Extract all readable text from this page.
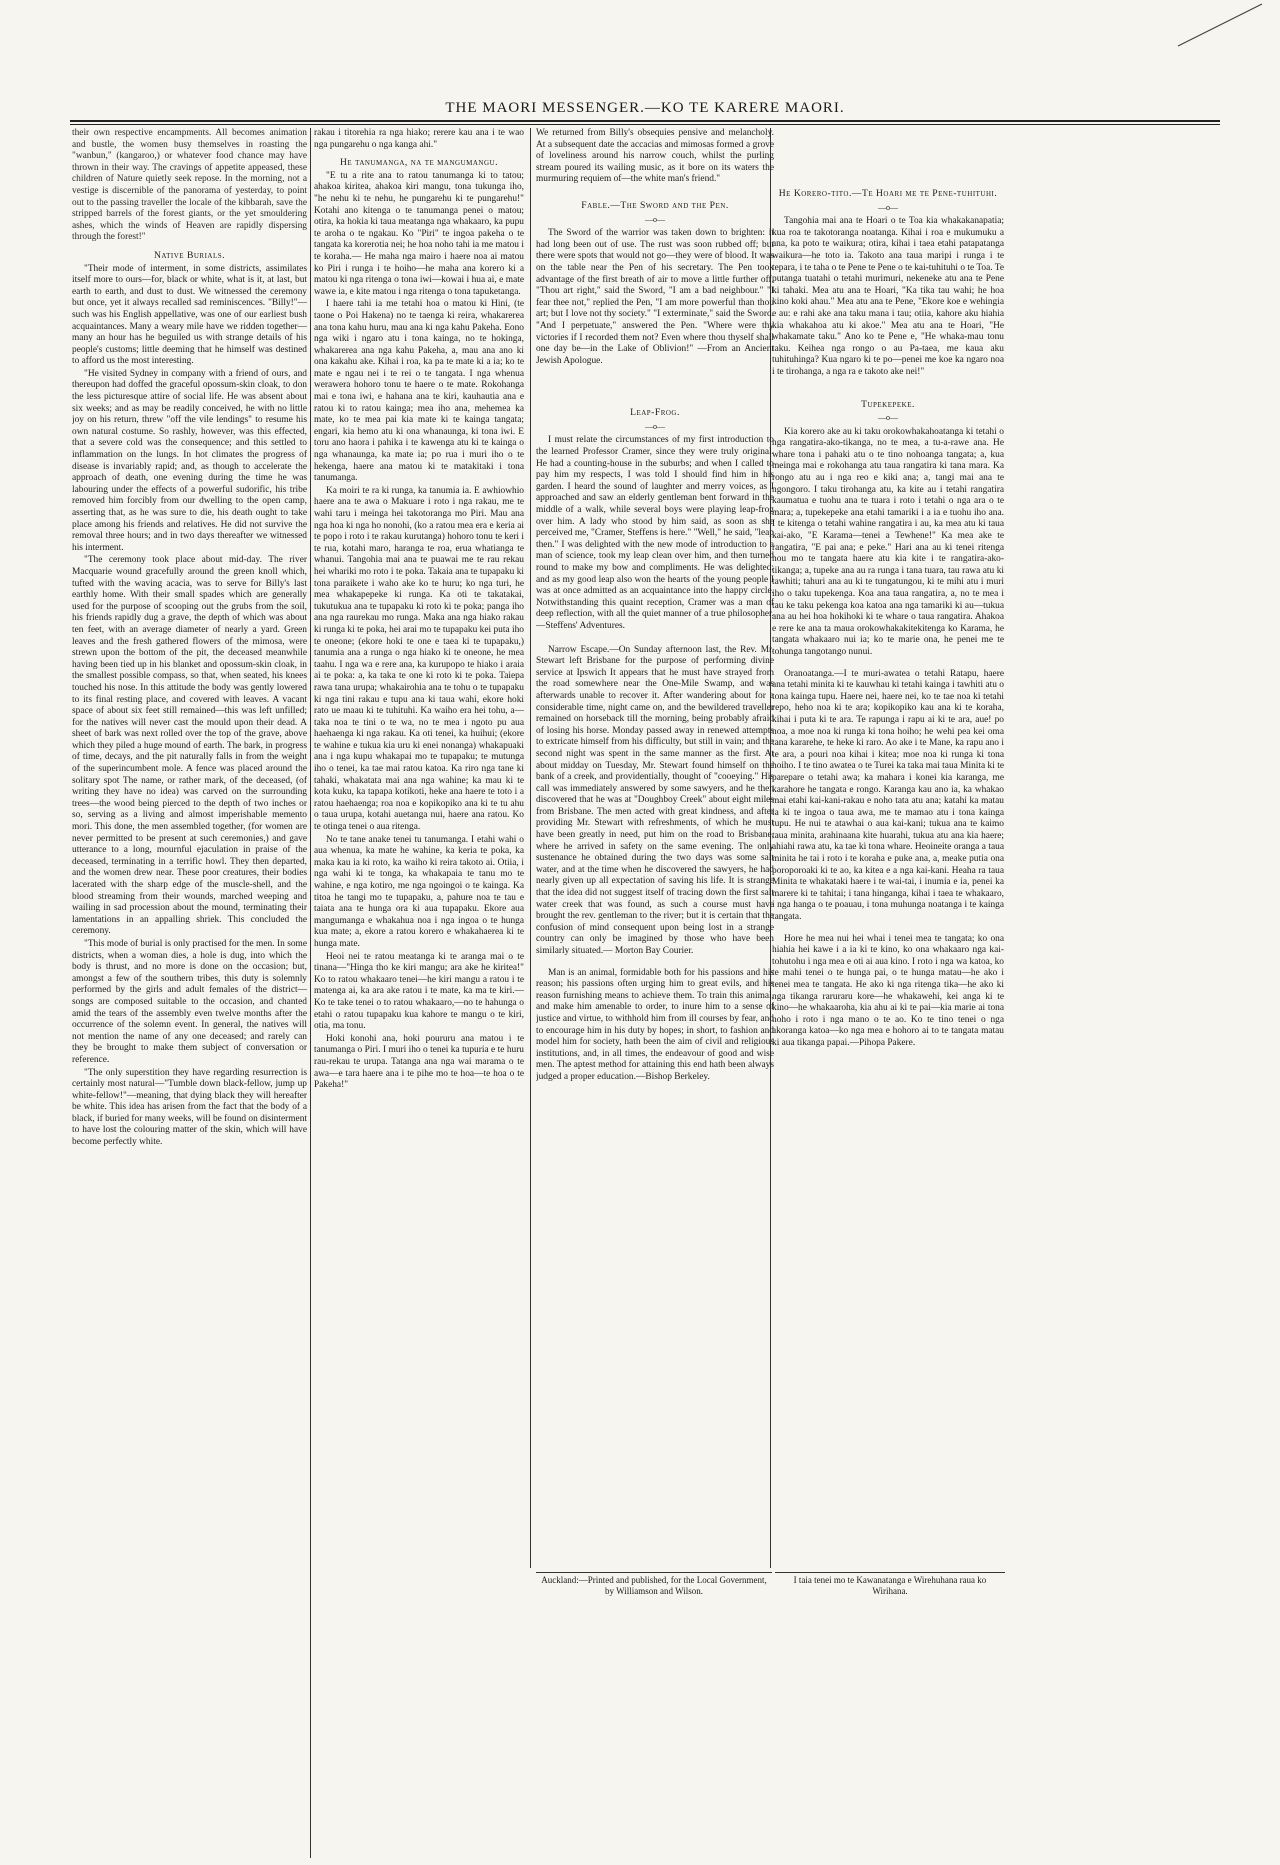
THE MAORI MESSENGER.—KO TE KARERE MAORI.

their own respective encampments. All becomes animation and bustle, the women busy themselves in roasting the "wanbun," (kangaroo,) or whatever food chance may have thrown in their way. The cravings of appetite appeased, these children of Nature quietly seek repose. In the morning, not a vestige is discernible of the panorama of yesterday, to point out to the passing traveller the locale of the kibbarah, save the stripped barrels of the forest giants, or the yet smouldering ashes, which the winds of Heaven are rapidly dispersing through the forest!"

Native Burials.

"Their mode of interment, in some districts, assimilates itself more to ours—for, black or white, what is it, at last, but earth to earth, and dust to dust. We witnessed the ceremony but once, yet it always recalled sad reminiscences. "Billy!"—such was his English appellative, was one of our earliest bush acquaintances. Many a weary mile have we ridden together—many an hour has he beguiled us with strange details of his people's customs; little deeming that he himself was destined to afford us the most interesting.

"He visited Sydney in company with a friend of ours, and thereupon had doffed the graceful opossum-skin cloak, to don the less picturesque attire of social life. He was absent about six weeks; and as may be readily conceived, he with no little joy on his return, threw "off the vile lendings" to resume his own natural costume. So rashly, however, was this effected, that a severe cold was the consequence; and this settled to inflammation on the lungs. In hot climates the progress of disease is invariably rapid; and, as though to accelerate the approach of death, one evening during the time he was labouring under the effects of a powerful sudorific, his tribe removed him forcibly from our dwelling to the open camp, asserting that, as he was sure to die, his death ought to take place among his friends and relatives. He did not survive the removal three hours; and in two days thereafter we witnessed his interment.

"The ceremony took place about mid-day. The river Macquarie wound gracefully around the green knoll which, tufted with the waving acacia, was to serve for Billy's last earthly home. With their small spades which are generally used for the purpose of scooping out the grubs from the soil, his friends rapidly dug a grave, the depth of which was about ten feet, with an average diameter of nearly a yard. Green leaves and the fresh gathered flowers of the mimosa, were strewn upon the bottom of the pit, the deceased meanwhile having been tied up in his blanket and opossum-skin cloak, in the smallest possible compass, so that, when seated, his knees touched his nose. In this attitude the body was gently lowered to its final resting place, and covered with leaves. A vacant space of about six feet still remained—this was left unfilled; for the natives will never cast the mould upon their dead. A sheet of bark was next rolled over the top of the grave, above which they piled a huge mound of earth. The bark, in progress of time, decays, and the pit naturally falls in from the weight of the superincumbent mole. A fence was placed around the solitary spot The name, or rather mark, of the deceased, (of writing they have no idea) was carved on the surrounding trees—the wood being pierced to the depth of two inches or so, serving as a living and almost imperishable memento mori. This done, the men assembled together, (for women are never permitted to be present at such ceremonies,) and gave utterance to a long, mournful ejaculation in praise of the deceased, terminating in a terrific howl. They then departed, and the women drew near. These poor creatures, their bodies lacerated with the sharp edge of the muscle-shell, and the blood streaming from their wounds, marched weeping and wailing in sad procession about the mound, terminating their lamentations in an appalling shriek. This concluded the ceremony.

"This mode of burial is only practised for the men. In some districts, when a woman dies, a hole is dug, into which the body is thrust, and no more is done on the occasion; but, amongst a few of the southern tribes, this duty is solemnly performed by the girls and adult females of the district—songs are composed suitable to the occasion, and chanted amid the tears of the assembly even twelve months after the occurrence of the solemn event. In general, the natives will not mention the name of any one deceased; and rarely can they be brought to make them subject of conversation or reference.

"The only superstition they have regarding resurrection is certainly most natural—"Tumble down black-fellow, jump up white-fellow!"—meaning, that dying black they will hereafter be white. This idea has arisen from the fact that the body of a black, if buried for many weeks, will be found on disinterment to have lost the colouring matter of the skin, which will have become perfectly white.

rakau i titorehia ra nga hiako; rerere kau ana i te wao nga pungarehu o nga kanga ahi."

He tanumanga, na te mangumangu.

"E tu a rite ana to ratou tanumanga ki to tatou; ahakoa kiritea, ahakoa kiri mangu, tona tukunga iho, "he nehu ki te nehu, he pungarehu ki te pungarehu!" Kotahi ano kitenga o te tanumanga penei o matou; otira, ka hokia ki taua meatanga nga whakaaro, ka pupu te aroha o te ngakau. Ko "Piri" te ingoa pakeha o te tangata ka korerotia nei; he hoa noho tahi ia me matou i te koraha.— He maha nga mairo i haere noa ai matou ko Piri i runga i te hoiho—he maha ana korero ki a matou ki nga ritenga o tona iwi—kowai i hua ai, e mate wawe ia, e kite matou i nga ritenga o tona tapuketanga.

I haere tahi ia me tetahi hoa o matou ki Hini, (te taone o Poi Hakena) no te taenga ki reira, whakarerea ana tona kahu huru, mau ana ki nga kahu Pakeha. Eono nga wiki i ngaro atu i tona kainga, no te hokinga, whakarerea ana nga kahu Pakeha, a, mau ana ano ki ona kakahu ake. Kihai i roa, ka pa te mate ki a ia; ko te mate e ngau nei i te rei o te tangata. I nga whenua werawera hohoro tonu te haere o te mate. Rokohanga mai e tona iwi, e hahana ana te kiri, kauhautia ana e ratou ki to ratou kainga; mea iho ana, mehemea ka mate, ko te mea pai kia mate ki te kainga tangata; engari, kia hemo atu ki ona whanaunga, ki tona iwi. E toru ano haora i pahika i te kawenga atu ki te kainga o nga whanaunga, ka mate ia; po rua i muri iho o te hekenga, haere ana matou ki te matakitaki i tona tanumanga.

Ka moiri te ra ki runga, ka tanumia ia. E awhiowhio haere ana te awa o Makuare i roto i nga rakau, me te wahi taru i meinga hei takotoranga mo Piri. Mau ana nga hoa ki nga ho nonohi, (ko a ratou mea era e keria ai te popo i roto i te rakau kurutanga) hohoro tonu te keri i te rua, kotahi maro, haranga te roa, erua whatianga te whanui. Tangohia mai ana te puawai me te rau rekau hei whariki mo roto i te poka. Takaia ana te tupapaku ki tona paraikete i waho ake ko te huru; ko nga turi, he mea whakapepeke ki runga. Ka oti te takatakai, tukutukua ana te tupapaku ki roto ki te poka; panga iho ana nga raurekau mo runga. Maka ana nga hiako rakau ki runga ki te poka, hei arai mo te tupapaku kei puta iho te oneone; (ekore hoki te one e taea ki te tupapaku,) tanumia ana a runga o nga hiako ki te oneone, he mea taahu. I nga wa e rere ana, ka kurupopo te hiako i araia ai te poka: a, ka taka te one ki roto ki te poka. Taiepa rawa tana urupa; whakairohia ana te tohu o te tupapaku ki nga tini rakau e tupu ana ki taua wahi, ekore hoki rato ue maau ki te tuhituhi. Ka waiho era hei tohu, a—taka noa te tini o te wa, no te mea i ngoto pu aua haehaenga ki nga rakau. Ka oti tenei, ka huihui; (ekore te wahine e tukua kia uru ki enei nonanga) whakapuaki ana i nga kupu whakapai mo te tupapaku; te mutunga iho o tenei, ka tae mai ratou katoa. Ka riro nga tane ki tahaki, whakatata mai ana nga wahine; ka mau ki te kota kuku, ka tapapa kotikoti, heke ana haere te toto i a ratou haehaenga; roa noa e kopikopiko ana ki te tu ahu o taua urupa, kotahi auetanga nui, haere ana ratou. Ko te otinga tenei o aua ritenga.

No te tane anake tenei tu tanumanga. I etahi wahi o aua whenua, ka mate he wahine, ka keria te poka, ka maka kau ia ki roto, ka waiho ki reira takoto ai. Otiia, i nga wahi ki te tonga, ka whakapaia te tanu mo te wahine, e nga kotiro, me nga ngoingoi o te kainga. Ka titoa he tangi mo te tupapaku, a, pahure noa te tau e taiata ana te hunga ora ki aua tupapaku. Ekore aua mangumanga e whakahua noa i nga ingoa o te hunga kua mate; a, ekore a ratou korero e whakahaerea ki te hunga mate.

Heoi nei te ratou meatanga ki te aranga mai o te tinana—"Hinga tho ke kiri mangu; ara ake he kiritea!" Ko to ratou whakaaro tenei—he kiri mangu a ratou i te matenga ai, ka ara ake ratou i te mate, ka ma te kiri.— Ko te take tenei o to ratou whakaaro,—no te hahunga o etahi o ratou tupapaku kua kahore te mangu o te kiri, otia, ma tonu.

Hoki konohi ana, hoki poururu ana matou i te tanumanga o Piri. I muri iho o tenei ka tupuria e te huru rau-rekau te urupa. Tatanga ana nga wai marama o te awa—e tara haere ana i te pihe mo te hoa—te hoa o te Pakeha!"

We returned from Billy's obsequies pensive and melancholy. At a subsequent date the accacias and mimosas formed a grove of loveliness around his narrow couch, whilst the purling stream poured its wailing music, as it bore on its waters the murmuring requiem of—the white man's friend."

Fable.—The Sword and the Pen.
—o—

The Sword of the warrior was taken down to brighten: it had long been out of use. The rust was soon rubbed off; but there were spots that would not go—they were of blood. It was on the table near the Pen of his secretary. The Pen took advantage of the first breath of air to move a little further off. "Thou art right," said the Sword, "I am a bad neighbour." "I fear thee not," replied the Pen, "I am more powerful than thou art; but I love not thy society." "I exterminate," said the Sword. "And I perpetuate," answered the Pen. "Where were thy victories if I recorded them not? Even where thou thyself shall one day be—in the Lake of Oblivion!" —From an Ancient Jewish Apologue.

Leap-Frog.
—o—

I must relate the circumstances of my first introduction to the learned Professor Cramer, since they were truly original. He had a counting-house in the suburbs; and when I called to pay him my respects, I was told I should find him in his garden. I heard the sound of laughter and merry voices, as I approached and saw an elderly gentleman bent forward in the middle of a walk, while several boys were playing leap-frog over him. A lady who stood by him said, as soon as she perceived me, "Cramer, Steffens is here." "Well," he said, "leap then." I was delighted with the new mode of introduction to a man of science, took my leap clean over him, and then turned round to make my bow and compliments. He was delighted; and as my good leap also won the hearts of the young people I was at once admitted as an acquaintance into the happy circle. Notwithstanding this quaint reception, Cramer was a man of deep reflection, with all the quiet manner of a true philosopher.—Steffens' Adventures.

Narrow Escape.—On Sunday afternoon last, the Rev. Mr. Stewart left Brisbane for the purpose of performing divine service at Ipswich It appears that he must have strayed from the road somewhere near the One-Mile Swamp, and was afterwards unable to recover it. After wandering about for a considerable time, night came on, and the bewildered traveller remained on horseback till the morning, being probably afraid of losing his horse. Monday passed away in renewed attempts to extricate himself from his difficulty, but still in vain; and the second night was spent in the same manner as the first. At about midday on Tuesday, Mr. Stewart found himself on the bank of a creek, and providentially, thought of "cooeying." His call was immediately answered by some sawyers, and he then discovered that he was at "Doughboy Creek" about eight miles from Brisbane. The men acted with great kindness, and after providing Mr. Stewart with refreshments, of which he must have been greatly in need, put him on the road to Brisbane, where he arrived in safety on the same evening. The only sustenance he obtained during the two days was some salt water, and at the time when he discovered the sawyers, he had nearly given up all expectation of saving his life. It is strange that the idea did not suggest itself of tracing down the first salt water creek that was found, as such a course must have brought the rev. gentleman to the river; but it is certain that the confusion of mind consequent upon being lost in a strange country can only be imagined by those who have been similarly situated.— Morton Bay Courier.

Man is an animal, formidable both for his passions and his reason; his passions often urging him to great evils, and his reason furnishing means to achieve them. To train this animal, and make him amenable to order, to inure him to a sense of justice and virtue, to withhold him from ill courses by fear, and to encourage him in his duty by hopes; in short, to fashion and model him for society, hath been the aim of civil and religious institutions, and, in all times, the endeavour of good and wise men. The aptest method for attaining this end hath been always judged a proper education.—Bishop Berkeley.

He Korero-tito.—Te Hoari me te Pene-tuhituhi.
—o—

Tangohia mai ana te Hoari o te Toa kia whakakanapatia; kua roa te takotoranga noatanga. Kihai i roa e mukumuku a ana, ka poto te waikura; otira, kihai i taea etahi patapatanga waikura—he toto ia. Takoto ana taua maripi i runga i te tepara, i te taha o te Pene te Pene o te kai-tuhituhi o te Toa. Te putanga tuatahi o tetahi murimuri, nekeneke atu ana te Pene ki tahaki. Mea atu ana te Hoari, "Ka tika tau wahi; he hoa kino koki ahau." Mea atu ana te Pene, "Ekore koe e wehingia e au: e rahi ake ana taku mana i tau; otiia, kahore aku hiahia kia whakahoa atu ki akoe." Mea atu ana te Hoari, "He whakamate taku." Ano ko te Pene e, "He whaka-mau tonu taku. Keihea nga rongo o au Pa-taea, me kaua aku tuhituhinga? Kua ngaro ki te po—penei me koe ka ngaro noa i te tirohanga, a nga ra e takoto ake nei!"

Tupekepeke.
—o—

Kia korero ake au ki taku orokowhakahoatanga ki tetahi o nga rangatira-ako-tikanga, no te mea, a tu-a-rawe ana. He whare tona i pahaki atu o te tino nohoanga tangata; a, kua meinga mai e rokohanga atu taua rangatira ki tana mara. Ka rongo atu au i nga reo e kiki ana; a, tangi mai ana te ngongoro. I taku tirohanga atu, ka kite au i tetahi rangatira kaumatua e tuohu ana te tuara i roto i tetahi o nga ara o te mara; a, tupekepeke ana etahi tamariki i a ia e tuohu iho ana. I te kitenga o tetahi wahine rangatira i au, ka mea atu ki taua kai-ako, "E Karama—tenei a Tewhene!" Ka mea ake te rangatira, "E pai ana; e peke." Hari ana au ki tenei ritenga hou mo te tangata haere atu kia kite i te rangatira-ako-tikanga; a, tupeke ana au ra runga i tana tuara, tau rawa atu ki tawhiti; tahuri ana au ki te tungatungou, ki te mihi atu i muri iho o taku tupekenga. Koa ana taua rangatira, a, no te mea i tau ke taku pekenga koa katoa ana nga tamariki ki au—tukua ana au hei hoa hokihoki ki te whare o taua rangatira. Ahakoa e rere ke ana ta maua orokowhakakitekitenga ko Karama, he tangata whakaaro nui ia; ko te marie ona, he penei me te tohunga tangotango nunui.

Oranoatanga.—I te muri-awatea o tetahi Ratapu, haere ana tetahi minita ki te kauwhau ki tetahi kainga i tawhiti atu o tona kainga tupu. Haere nei, haere nei, ko te tae noa ki tetahi repo, heho noa ki te ara; kopikopiko kau ana ki te koraha, kihai i puta ki te ara. Te rapunga i rapu ai ki te ara, aue! po noa, a moe noa ki runga ki tona hoiho; he wehi pea kei oma tana kararehe, te heke ki raro. Ao ake i te Mane, ka rapu ano i te ara, a pouri noa kihai i kitea; moe noa ki runga ki tona hoiho. I te tino awatea o te Turei ka taka mai taua Minita ki te parepare o tetahi awa; ka mahara i konei kia karanga, me karahore he tangata e rongo. Karanga kau ano ia, ka whakao mai etahi kai-kani-rakau e noho tata atu ana; katahi ka matau ia ki te ingoa o taua awa, me te mamao atu i tona kainga tupu. He nui te atawhai o aua kai-kani; tukua ana te kaimo taua minita, arahinaana kite huarahi, tukua atu ana kia haere; ahiahi rawa atu, ka tae ki tona whare. Heoineite oranga a taua minita he tai i roto i te koraha e puke ana, a, meake putia ona poroporoaki ki te ao, ka kitea e a nga kai-kani. Heaha ra taua Minita te whakataki haere i te wai-tai, i inumia e ia, penei ka marere ki te tahitai; i tana hinganga, kihai i taea te whakaaro, i nga hanga o te poauau, i tona muhunga noatanga i te kainga tangata.

Hore he mea nui hei whai i tenei mea te tangata; ko ona hiahia hei kawe i a ia ki te kino, ko ona whakaaro nga kai-tohutohu i nga mea e oti ai aua kino. I roto i nga wa katoa, ko te mahi tenei o te hunga pai, o te hunga matau—he ako i tenei mea te tangata. He ako ki nga ritenga tika—he ako ki nga tikanga raruraru kore—he whakawehi, kei anga ki te kino—he whakaaroha, kia ahu ai ki te pai—kia marie ai tona noho i roto i nga mano o te ao. Ko te tino tenei o nga akoranga katoa—ko nga mea e hohoro ai to te tangata matau ki aua tikanga papai.—Pihopa Pakere.

Auckland:—Printed and published, for the Local Government, by Williamson and Wilson.
I taia tenei mo te Kawanatanga e Wirehuhana raua ko Wirihana.
